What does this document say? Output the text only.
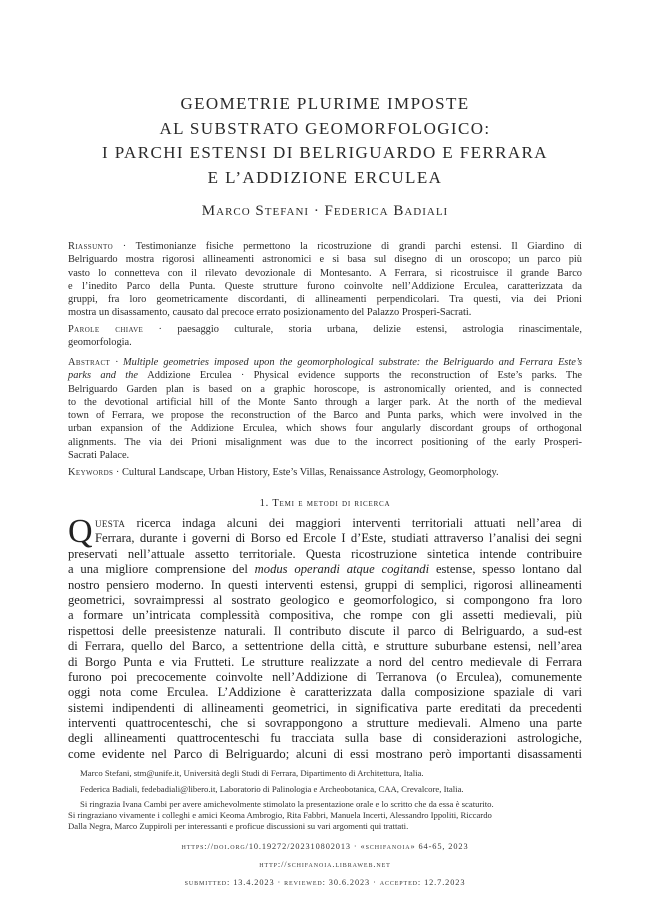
GEOMETRIE PLURIME IMPOSTE
AL SUBSTRATO GEOMORFOLOGICO:
I PARCHI ESTENSI DI BELRIGUARDO E FERRARA
E L’ADDIZIONE ERCULEA
Marco Stefani · Federica Badiali
Riassunto · Testimonianze fisiche permettono la ricostruzione di grandi parchi estensi. Il Giardino di
Belriguardo mostra rigorosi allineamenti astronomici e si basa sul disegno di un oroscopo; un parco più
vasto lo connetteva con il rilevato devozionale di Montesanto. A Ferrara, si ricostruisce il grande Barco
e l’inedito Parco della Punta. Queste strutture furono coinvolte nell’Addizione Erculea, caratterizzata da
gruppi, fra loro geometricamente discordanti, di allineamenti perpendicolari. Tra questi, via dei Prioni
mostra un disassamento, causato dal precoce errato posizionamento del Palazzo Prosperi-Sacrati.
Parole chiave · paesaggio culturale, storia urbana, delizie estensi, astrologia rinascimentale,
geomorfologia.
Abstract · Multiple geometries imposed upon the geomorphological substrate: the Belriguardo and Ferrara Este’s
parks and the Addizione Erculea · Physical evidence supports the reconstruction of Este’s parks. The
Belriguardo Garden plan is based on a graphic horoscope, is astronomically oriented, and is connected
to the devotional artificial hill of the Monte Santo through a larger park. At the north of the medieval
town of Ferrara, we propose the reconstruction of the Barco and Punta parks, which were involved in the
urban expansion of the Addizione Erculea, which shows four angularly discordant groups of orthogonal
alignments. The via dei Prioni misalignment was due to the incorrect positioning of the early Prosperi-
Sacrati Palace.
Keywords · Cultural Landscape, Urban History, Este’s Villas, Renaissance Astrology, Geomorphology.
1. Temi e metodi di ricerca
Q uesta ricerca indaga alcuni dei maggiori interventi territoriali attuati nell’area di
Ferrara, durante i governi di Borso ed Ercole I d’Este, studiati attraverso l’analisi dei segni
preservati nell’attuale assetto territoriale. Questa ricostruzione sintetica intende contribuire
a una migliore comprensione del modus operandi atque cogitandi estense, spesso lontano dal
nostro pensiero moderno. In questi interventi estensi, gruppi di semplici, rigorosi allineamenti
geometrici, sovraimpressi al sostrato geologico e geomorfologico, si compongono fra loro
a formare un’intricata complessità compositiva, che rompe con gli assetti medievali, più
rispettosi delle preesistenze naturali. Il contributo discute il parco di Belriguardo, a sud-est
di Ferrara, quello del Barco, a settentrione della città, e strutture suburbane estensi, nell’area
di Borgo Punta e via Frutteti. Le strutture realizzate a nord del centro medievale di Ferrara
furono poi precocemente coinvolte nell’Addizione di Terranova (o Erculea), comunemente
oggi nota come Erculea. L’Addizione è caratterizzata dalla composizione spaziale di vari
sistemi indipendenti di allineamenti geometrici, in significativa parte ereditati da precedenti
interventi quattrocenteschi, che si sovrappongono a strutture medievali. Almeno una parte
degli allineamenti quattrocenteschi fu tracciata sulla base di considerazioni astrologiche,
come evidente nel Parco di Belriguardo; alcuni di essi mostrano però importanti disassamenti
Marco Stefani, stm@unife.it, Università degli Studi di Ferrara, Dipartimento di Architettura, Italia.
Federica Badiali, fedebadiali@libero.it, Laboratorio di Palinologia e Archeobotanica, CAA, Crevalcore, Italia.
Si ringrazia Ivana Cambi per avere amichevolmente stimolato la presentazione orale e lo scritto che da essa è scaturito.
Si ringraziano vivamente i colleghi e amici Keoma Ambrogio, Rita Fabbri, Manuela Incerti, Alessandro Ippoliti, Riccardo
Dalla Negra, Marco Zuppiroli per interessanti e proficue discussioni su vari argomenti qui trattati.
https://doi.org/10.19272/202310802013 · «schifanoia» 64-65, 2023
http://schifanoia.libraweb.net
submitted: 13.4.2023 · reviewed: 30.6.2023 · accepted: 12.7.2023
